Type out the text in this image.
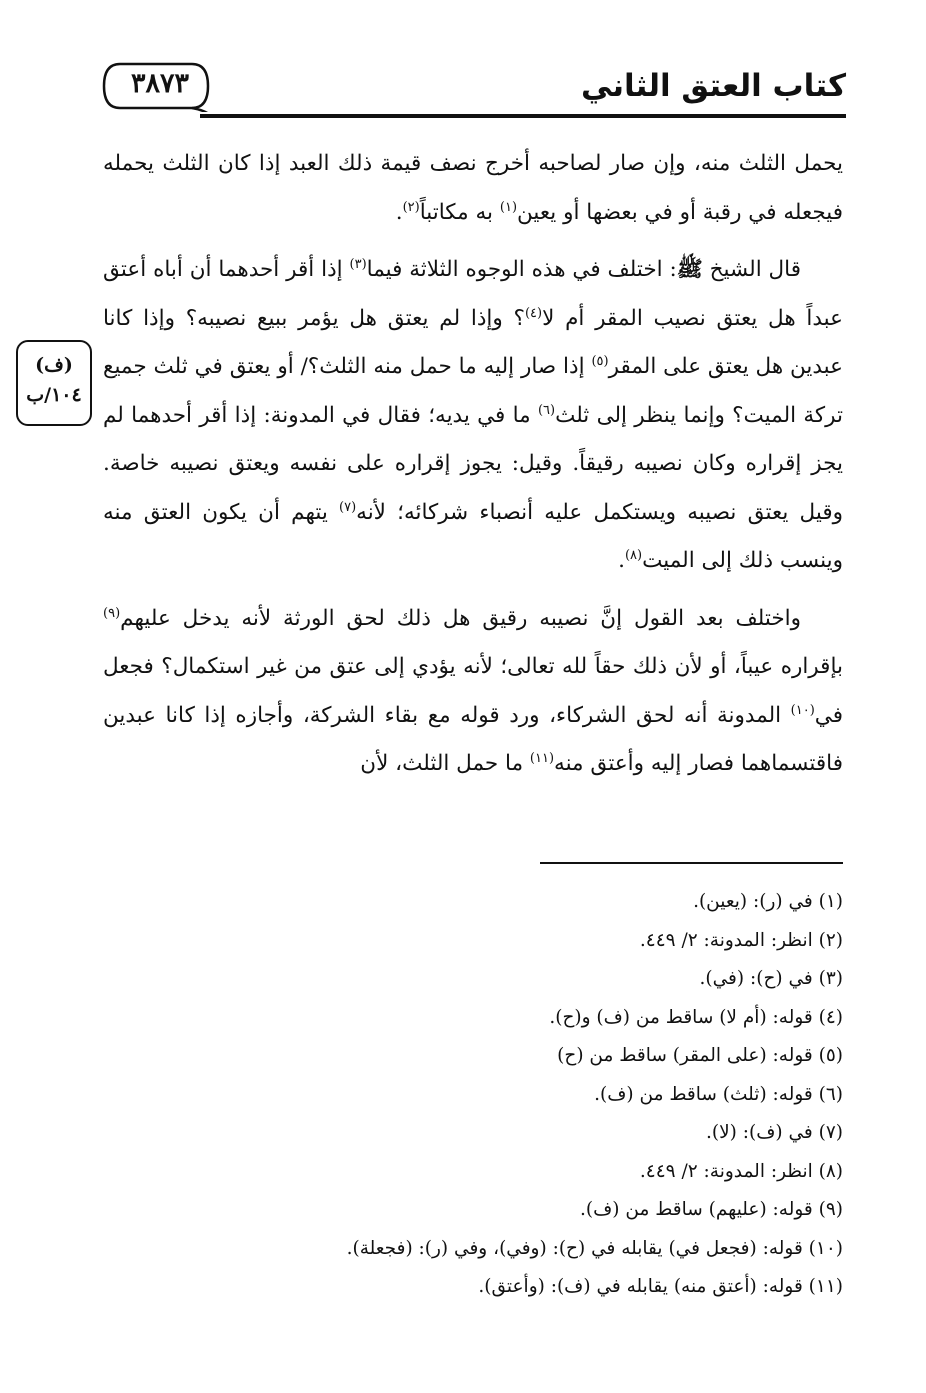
٣٨٧٣	كتاب العتق الثاني
(ف)
١٠٤/ب

يحمل الثلث منه، وإن صار لصاحبه أخرج نصف قيمة ذلك العبد إذا كان الثلث يحمله فيجعله في رقبة أو في بعضها أو يعين$^{(١)}$ به مكاتباً$^{(٢)}$.

قال الشيخ ﷺ: اختلف في هذه الوجوه الثلاثة فيما$^{(٣)}$ إذا أقر أحدهما أن أباه أعتق عبداً هل يعتق نصيب المقر أم لا$^{(٤)}$؟ وإذا لم يعتق هل يؤمر ببيع نصيبه؟ وإذا كانا عبدين هل يعتق على المقر$^{(٥)}$ إذا صار إليه ما حمل منه الثلث؟/ أو يعتق في ثلث جميع تركة الميت؟ وإنما ينظر إلى ثلث$^{(٦)}$ ما في يديه؛ فقال في المدونة: إذا أقر أحدهما لم يجز إقراره وكان نصيبه رقيقاً. وقيل: يجوز إقراره على نفسه ويعتق نصيبه خاصة. وقيل يعتق نصيبه ويستكمل عليه أنصباء شركائه؛ لأنه$^{(٧)}$ يتهم أن يكون العتق منه وينسب ذلك إلى الميت$^{(٨)}$.

واختلف بعد القول إنَّ نصيبه رقيق هل ذلك لحق الورثة لأنه يدخل عليهم$^{(٩)}$ بإقراره عيباً، أو لأن ذلك حقاً لله تعالى؛ لأنه يؤدي إلى عتق من غير استكمال؟ فجعل في$^{(١٠)}$ المدونة أنه لحق الشركاء، ورد قوله مع بقاء الشركة، وأجازه إذا كانا عبدين فاقتسماهما فصار إليه وأعتق منه$^{(١١)}$ ما حمل الثلث، لأن

(١) في (ر): (يعين).
(٢) انظر: المدونة: ٢/ ٤٤٩.
(٣) في (ح): (في).
(٤) قوله: (أم لا) ساقط من (ف) و(ح).
(٥) قوله: (على المقر) ساقط من (ح)
(٦) قوله: (ثلث) ساقط من (ف).
(٧) في (ف): (لا).
(٨) انظر: المدونة: ٢/ ٤٤٩.
(٩) قوله: (عليهم) ساقط من (ف).
(١٠) قوله: (فجعل في) يقابله في (ح): (وفي)، وفي (ر): (فجعلة).
(١١) قوله: (أعتق منه) يقابله في (ف): (وأعتق).
